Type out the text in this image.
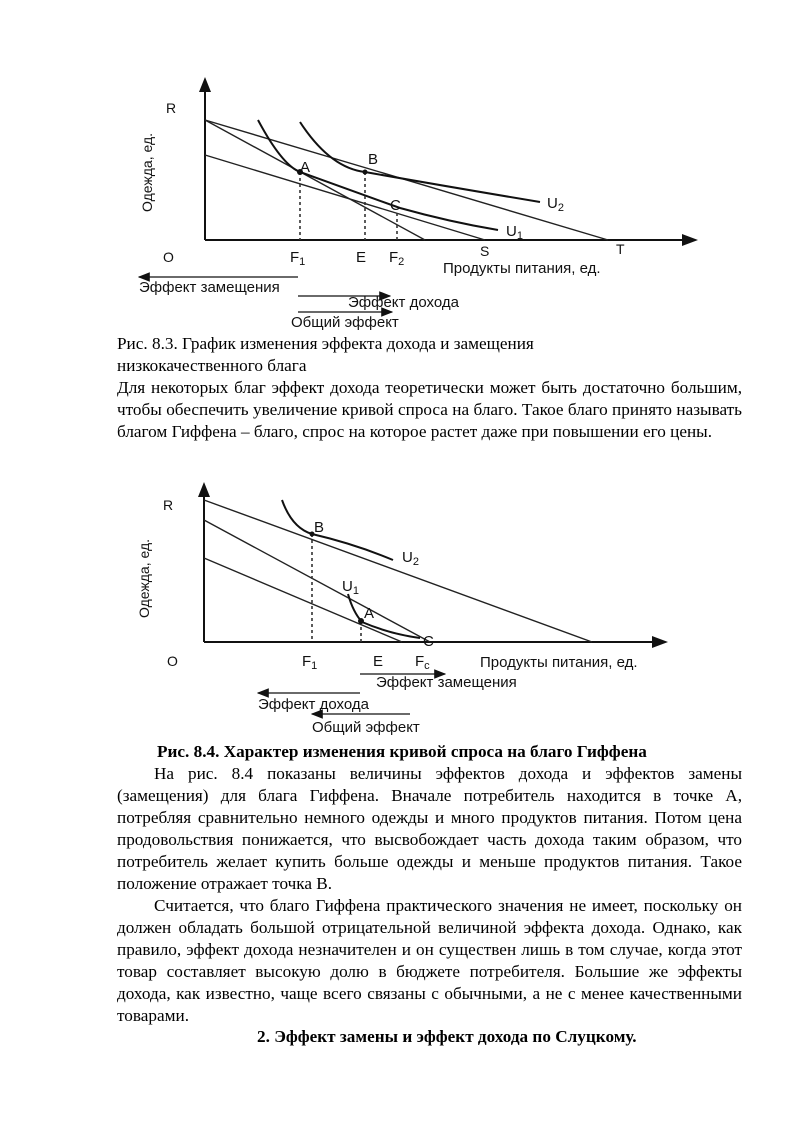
R
Одежда, ед.
O
A	B
C	$U_2$
$U_1$
$F_1$	E $F_2$
S	T
Продукты питания, ед.
Эффект замещения
Эффект дохода
Общий эффект

Рис. 8.3. График изменения эффекта дохода и замещения низкокачественного блага

Для некоторых благ эффект дохода теоретически может быть достаточно большим, чтобы обеспечить увеличение кривой спроса на благо. Такое благо принято называть благом Гиффена – благо, спрос на которое растет даже при повышении его цены.

R
Одежда, ед.
O
B
A
C
$U_2$
$U_1$
$F_1$	E $F_c$	Продукты питания, ед.
Эффект замещения
Эффект дохода
Общий эффект

Рис. 8.4. Характер изменения кривой спроса на благо Гиффена

На рис. 8.4 показаны величины эффектов дохода и эффектов замены (замещения) для блага Гиффена. Вначале потребитель находится в точке А, потребляя сравнительно немного одежды и много продуктов питания. Потом цена продовольствия понижается, что высвобождает часть дохода таким образом, что потребитель желает купить больше одежды и меньше продуктов питания. Такое положение отражает точка В.

Считается, что благо Гиффена практического значения не имеет, поскольку он должен обладать большой отрицательной величиной эффекта дохода. Однако, как правило, эффект дохода незначителен и он существен лишь в том случае, когда этот товар составляет высокую долю в бюджете потребителя. Большие же эффекты дохода, как известно, чаще всего связаны с обычными, а не с менее качественными товарами.

2. Эффект замены и эффект дохода по Слуцкому.
